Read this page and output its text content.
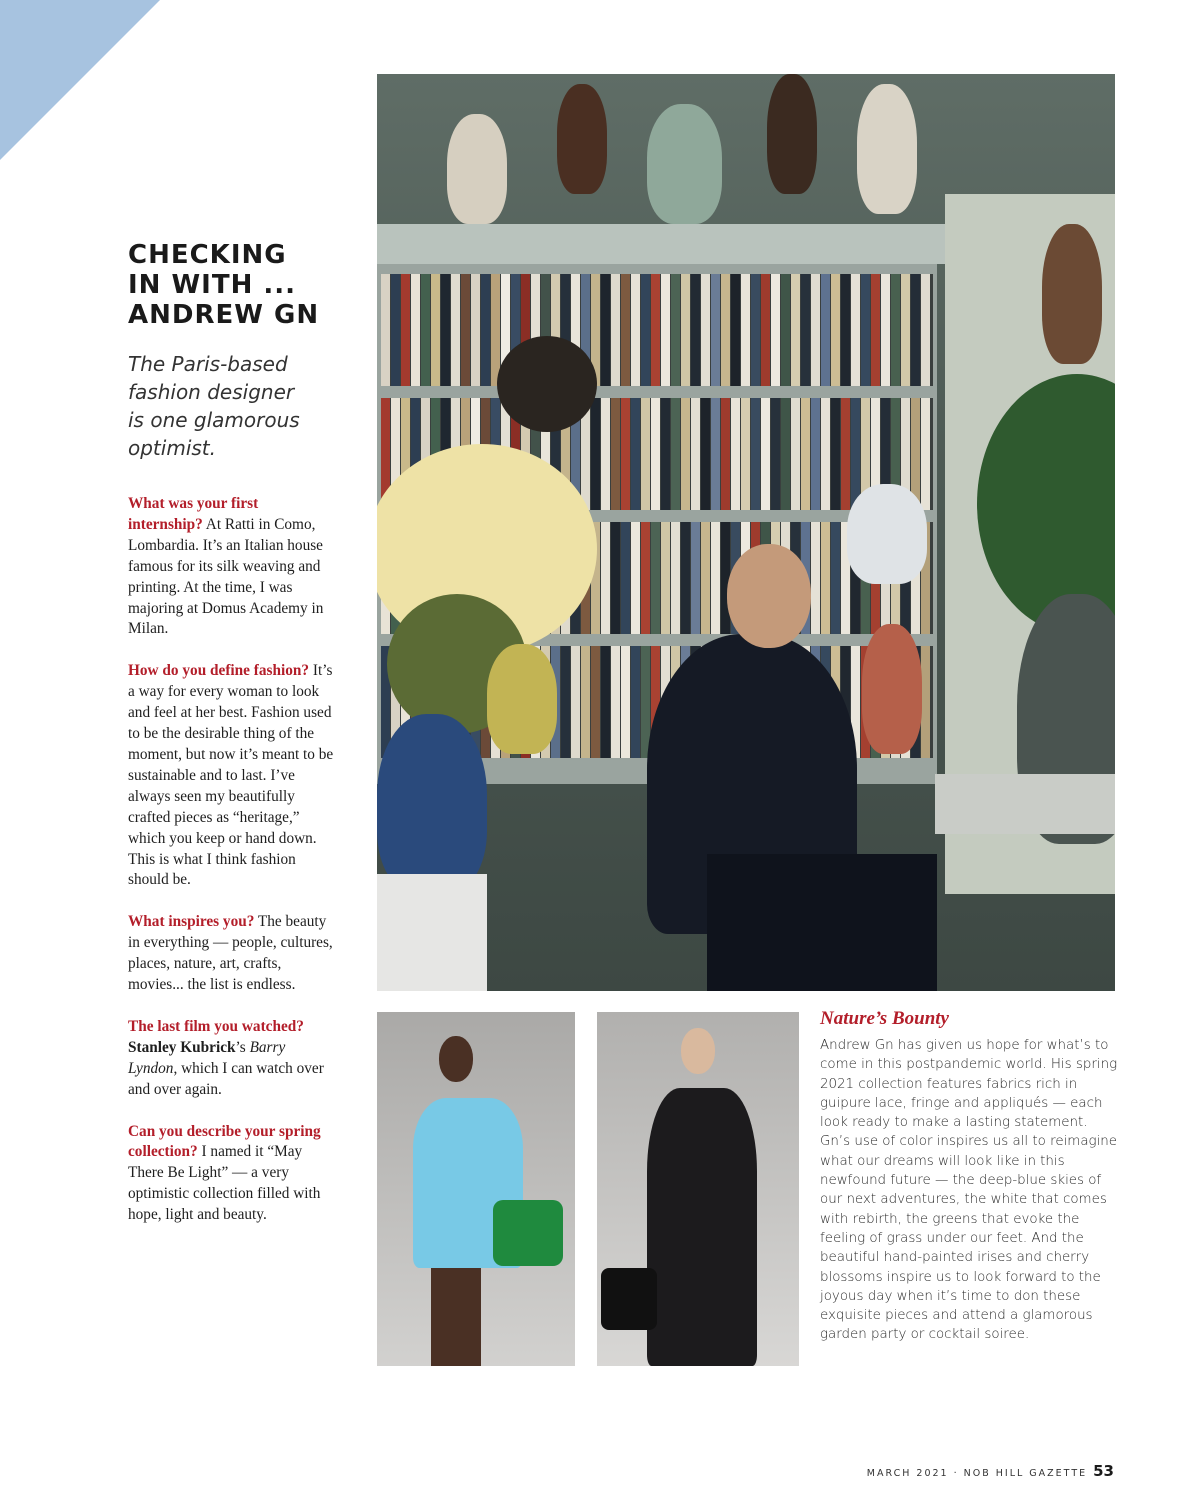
CHECKING
IN WITH ...
ANDREW GN
The Paris-based
fashion designer
is one glamorous
optimist.

What was your first internship? At Ratti in Como, Lombardia. It’s an Italian house famous for its silk weaving and printing. At the time, I was majoring at Domus Academy in Milan.

How do you define fashion? It’s a way for every woman to look and feel at her best. Fashion used to be the desirable thing of the moment, but now it’s meant to be sustainable and to last. I’ve always seen my beautifully crafted pieces as “heritage,” which you keep or hand down. This is what I think fashion should be.

What inspires you? The beauty in everything — people, cultures, places, nature, art, crafts, movies... the list is endless.

The last film you watched? Stanley Kubrick’s Barry Lyndon, which I can watch over and over again.

Can you describe your spring collection? I named it “May There Be Light” — a very optimistic collection filled with hope, light and beauty.

Nature’s Bounty
Andrew Gn has given us hope for what’s to come in this postpandemic world. His spring 2021 collection features fabrics rich in guipure lace, fringe and appliqués — each look ready to make a lasting statement. Gn’s use of color inspires us all to reimagine what our dreams will look like in this newfound future — the deep-blue skies of our next adventures, the white that comes with rebirth, the greens that evoke the feeling of grass under our feet. And the beautiful hand-painted irises and cherry blossoms inspire us to look forward to the joyous day when it’s time to don these exquisite pieces and attend a glamorous garden party or cocktail soiree.
MARCH 2021 · NOB HILL GAZETTE 53
